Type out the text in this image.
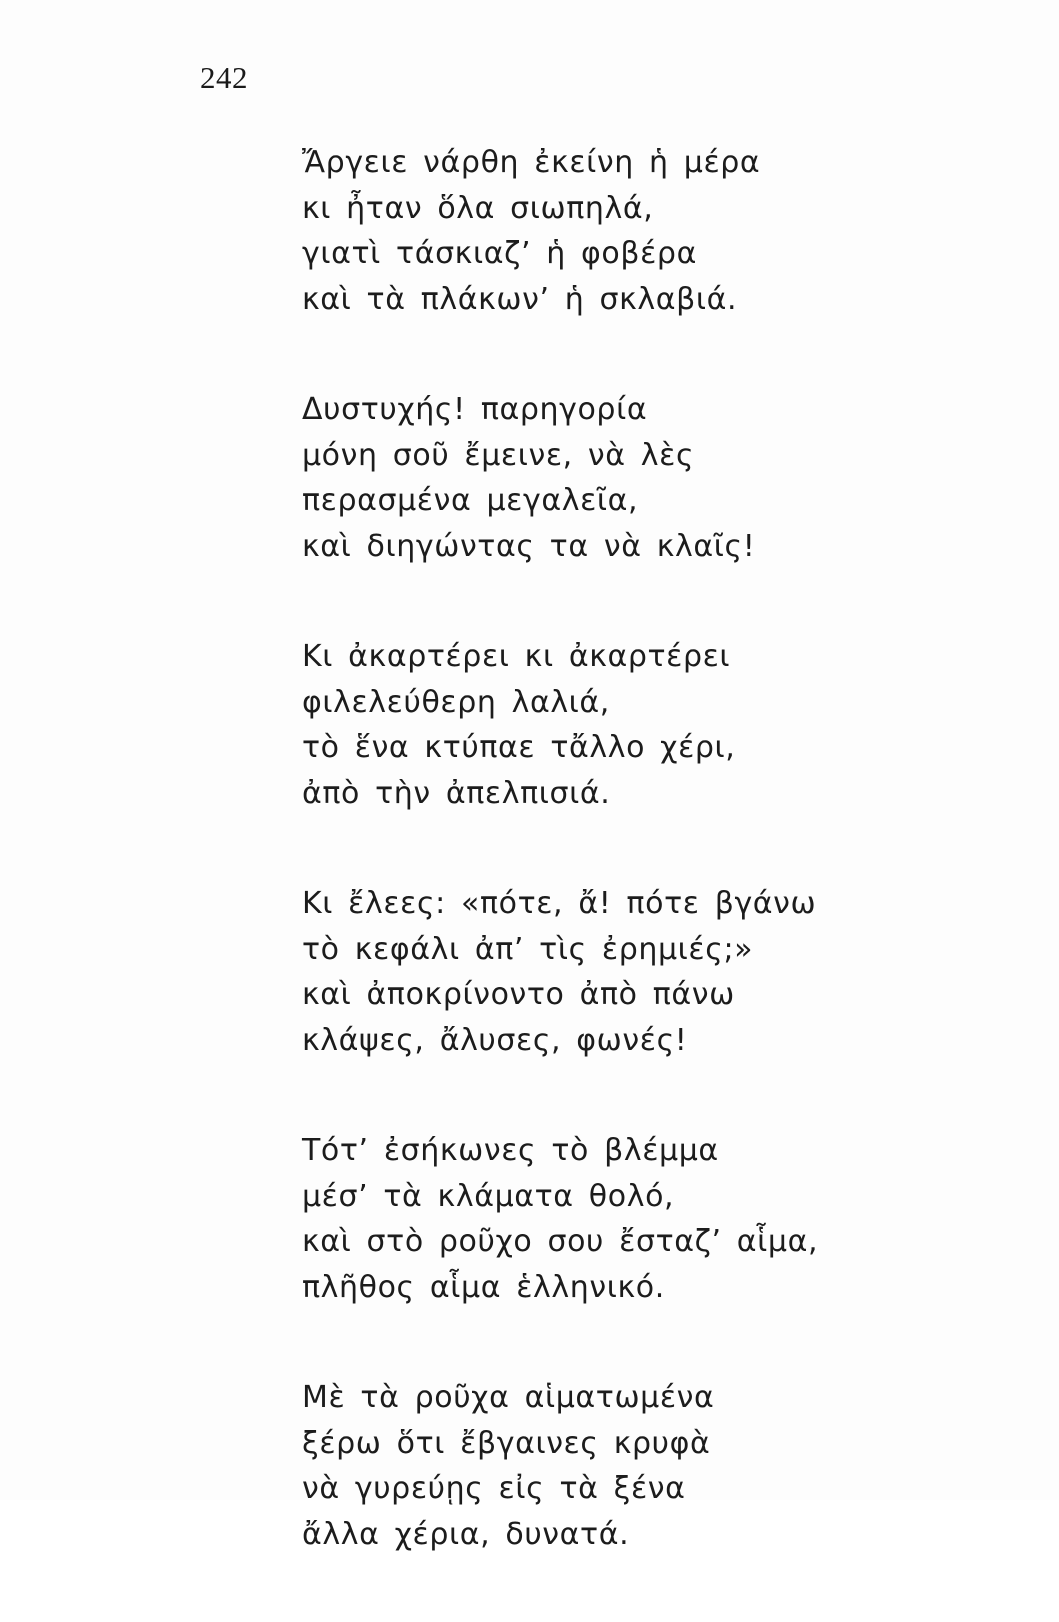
242
Ἄργειε νάρθη ἐκείνη ἡ μέρα
κι ἦταν ὅλα σιωπηλά,
γιατὶ τάσκιαζ’ ἡ φοβέρα
καὶ τὰ πλάκων’ ἡ σκλαβιά.
Δυστυχής! παρηγορία
μόνη σοῦ ἔμεινε, νὰ λὲς
περασμένα μεγαλεῖα,
καὶ διηγώντας τα νὰ κλαῖς!
Κι ἀκαρτέρει κι ἀκαρτέρει
φιλελεύθερη λαλιά,
τὸ ἕνα κτύπαε τἄλλο χέρι,
ἀπὸ τὴν ἀπελπισιά.
Κι ἔλεες: «πότε, ἄ! πότε βγάνω
τὸ κεφάλι ἀπ’ τὶς ἐρημιές;»
καὶ ἀποκρίνοντο ἀπὸ πάνω
κλάψες, ἄλυσες, φωνές!
Τότ’ ἐσήκωνες τὸ βλέμμα
μέσ’ τὰ κλάματα θολό,
καὶ στὸ ροῦχο σου ἔσταζ’ αἷμα,
πλῆθος αἷμα ἑλληνικό.
Μὲ τὰ ροῦχα αἱματωμένα
ξέρω ὅτι ἔβγαινες κρυφὰ
νὰ γυρεύῃς εἰς τὰ ξένα
ἄλλα χέρια, δυνατά.
